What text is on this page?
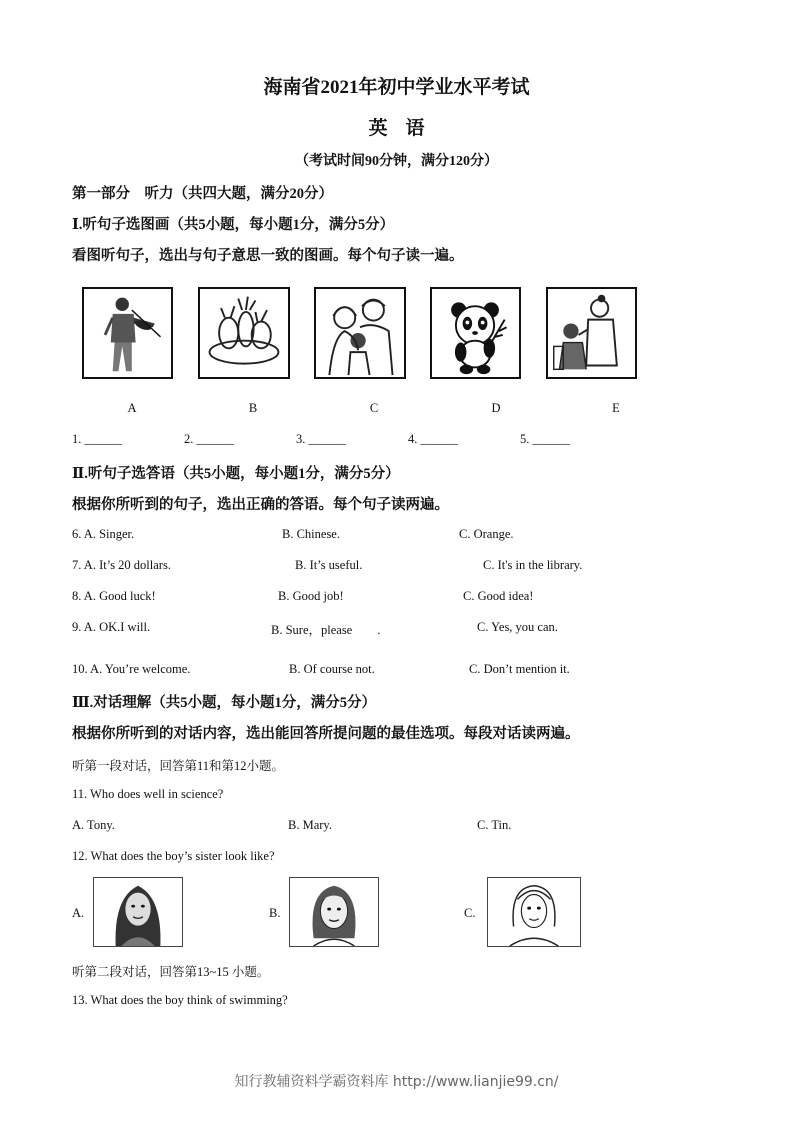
海南省2021年初中学业水平考试
英语
（考试时间90分钟，满分120分）
第一部分　听力（共四大题，满分20分）
Ⅰ.听句子选图画（共5小题，每小题1分，满分5分）
看图听句子，选出与句子意思一致的图画。每个句子读一遍。
A	B	C	D	E
1. ______	2. ______	3. ______	4. ______	5. ______
Ⅱ.听句子选答语（共5小题，每小题1分，满分5分）
根据你所听到的句子，选出正确的答语。每个句子读两遍。
6. A. Singer.	B. Chinese.	C. Orange.
7. A. It’s 20 dollars.	B. It’s useful.	C. It's in the library.
8. A. Good luck!	B. Good job!	C. Good idea!
9. A. OK.I will.	B. Sure，please　　.	C. Yes, you can.
10. A. You’re welcome.	B. Of course not.	C. Don’t mention it.
Ⅲ.对话理解（共5小题，每小题1分，满分5分）
根据你所听到的对话内容，选出能回答所提问题的最佳选项。每段对话读两遍。
听第一段对话，回答第11和第12小题。
11. Who does well in science?
A. Tony.	B. Mary.	C. Tin.
12. What does the boy’s sister look like?
A.	B.	C.
听第二段对话，回答第13~15 小题。
13. What does the boy think of swimming?
知行教辅资料学霸资料库 http://www.lianjie99.cn/
